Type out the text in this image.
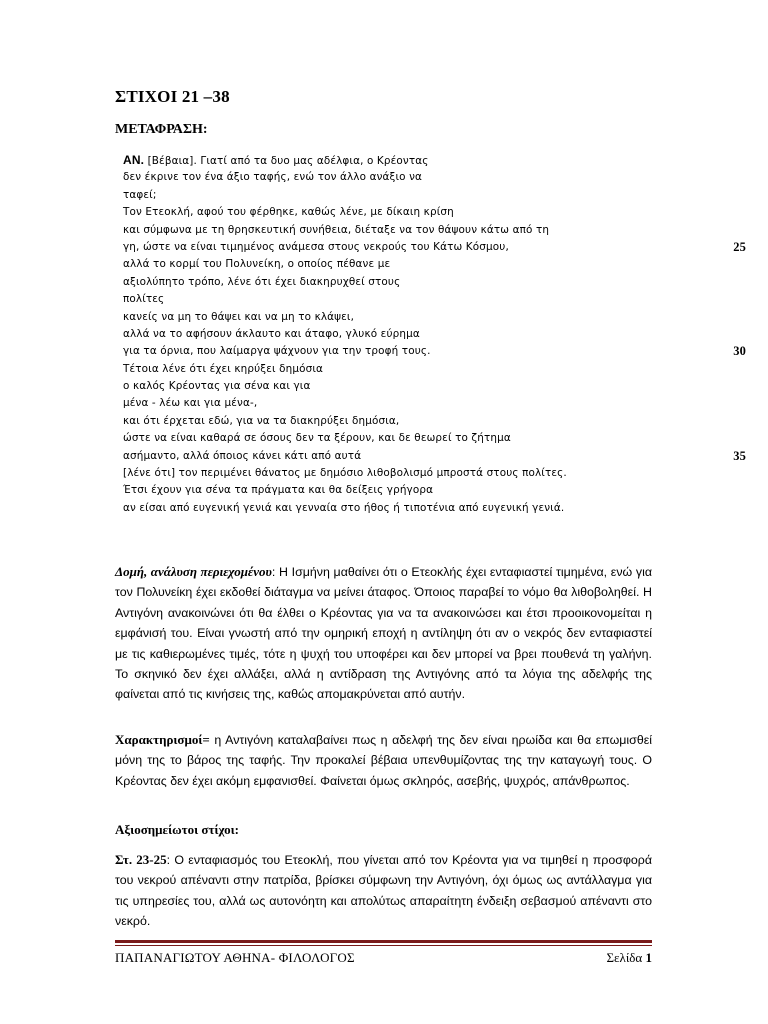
ΣΤΙΧΟΙ 21 –38
ΜΕΤΑΦΡΑΣΗ:
ΑΝ. [Βέβαια]. Γιατί από τα δυο μας αδέλφια, ο Κρέοντας
δεν έκρινε τον ένα άξιο ταφής, ενώ τον άλλο ανάξιο να
ταφεί;
Τον Ετεοκλή, αφού του φέρθηκε, καθώς λένε, με δίκαιη κρίση
και σύμφωνα με τη θρησκευτική συνήθεια, διέταξε να τον θάψουν κάτω από τη
γη, ώστε να είναι τιμημένος ανάμεσα στους νεκρούς του Κάτω Κόσμου,	25
αλλά το κορμί του Πολυνείκη, ο οποίος πέθανε με
αξιολύπητο τρόπο, λένε ότι έχει διακηρυχθεί στους
πολίτες
κανείς να μη το θάψει και να μη το κλάψει,
αλλά να το αφήσουν άκλαυτο και άταφο, γλυκό εύρημα
για τα όρνια, που λαίμαργα ψάχνουν για την τροφή τους.	30
Τέτοια λένε ότι έχει κηρύξει δημόσια
ο καλός Κρέοντας για σένα και για
μένα - λέω και για μένα-,
και ότι έρχεται εδώ, για να τα διακηρύξει δημόσια,
ώστε να είναι καθαρά σε όσους δεν τα ξέρουν, και δε θεωρεί το ζήτημα
ασήμαντο, αλλά όποιος κάνει κάτι από αυτά	35
[λένε ότι] τον περιμένει θάνατος με δημόσιο λιθοβολισμό μπροστά στους πολίτες.
Έτσι έχουν για σένα τα πράγματα και θα δείξεις γρήγορα
αν είσαι από ευγενική γενιά και γενναία στο ήθος ή τιποτένια από ευγενική γενιά.
Δομή, ανάλυση περιεχομένου: Η Ισμήνη μαθαίνει ότι ο Ετεοκλής έχει ενταφιαστεί τιμημένα, ενώ για τον Πολυνείκη έχει εκδοθεί διάταγμα να μείνει άταφος. Όποιος παραβεί το νόμο θα λιθοβοληθεί. Η Αντιγόνη ανακοινώνει ότι θα έλθει ο Κρέοντας για να τα ανακοινώσει και έτσι προοικονομείται η εμφάνισή του. Είναι γνωστή από την ομηρική εποχή η αντίληψη ότι αν ο νεκρός δεν ενταφιαστεί με τις καθιερωμένες τιμές, τότε η ψυχή του υποφέρει και δεν μπορεί να βρει πουθενά τη γαλήνη. Το σκηνικό δεν έχει αλλάξει, αλλά η αντίδραση της Αντιγόνης από τα λόγια της αδελφής της φαίνεται από τις κινήσεις της, καθώς απομακρύνεται από αυτήν.
Χαρακτηρισμοί= η Αντιγόνη καταλαβαίνει πως η αδελφή της δεν είναι ηρωίδα και θα επωμισθεί μόνη της το βάρος της ταφής. Την προκαλεί βέβαια υπενθυμίζοντας της την καταγωγή τους. Ο Κρέοντας δεν έχει ακόμη εμφανισθεί. Φαίνεται όμως σκληρός, ασεβής, ψυχρός, απάνθρωπος.
Αξιοσημείωτοι στίχοι:
Στ. 23-25: Ο ενταφιασμός του Ετεοκλή, που γίνεται από τον Κρέοντα για να τιμηθεί η προσφορά του νεκρού απέναντι στην πατρίδα, βρίσκει σύμφωνη την Αντιγόνη, όχι όμως ως αντάλλαγμα για τις υπηρεσίες του, αλλά ως αυτονόητη και απολύτως απαραίτητη ένδειξη σεβασμού απέναντι στο νεκρό.
ΠΑΠΑΝΑΓΙΩΤΟΥ ΑΘΗΝΑ- ΦΙΛΟΛΟΓΟΣ	Σελίδα 1
